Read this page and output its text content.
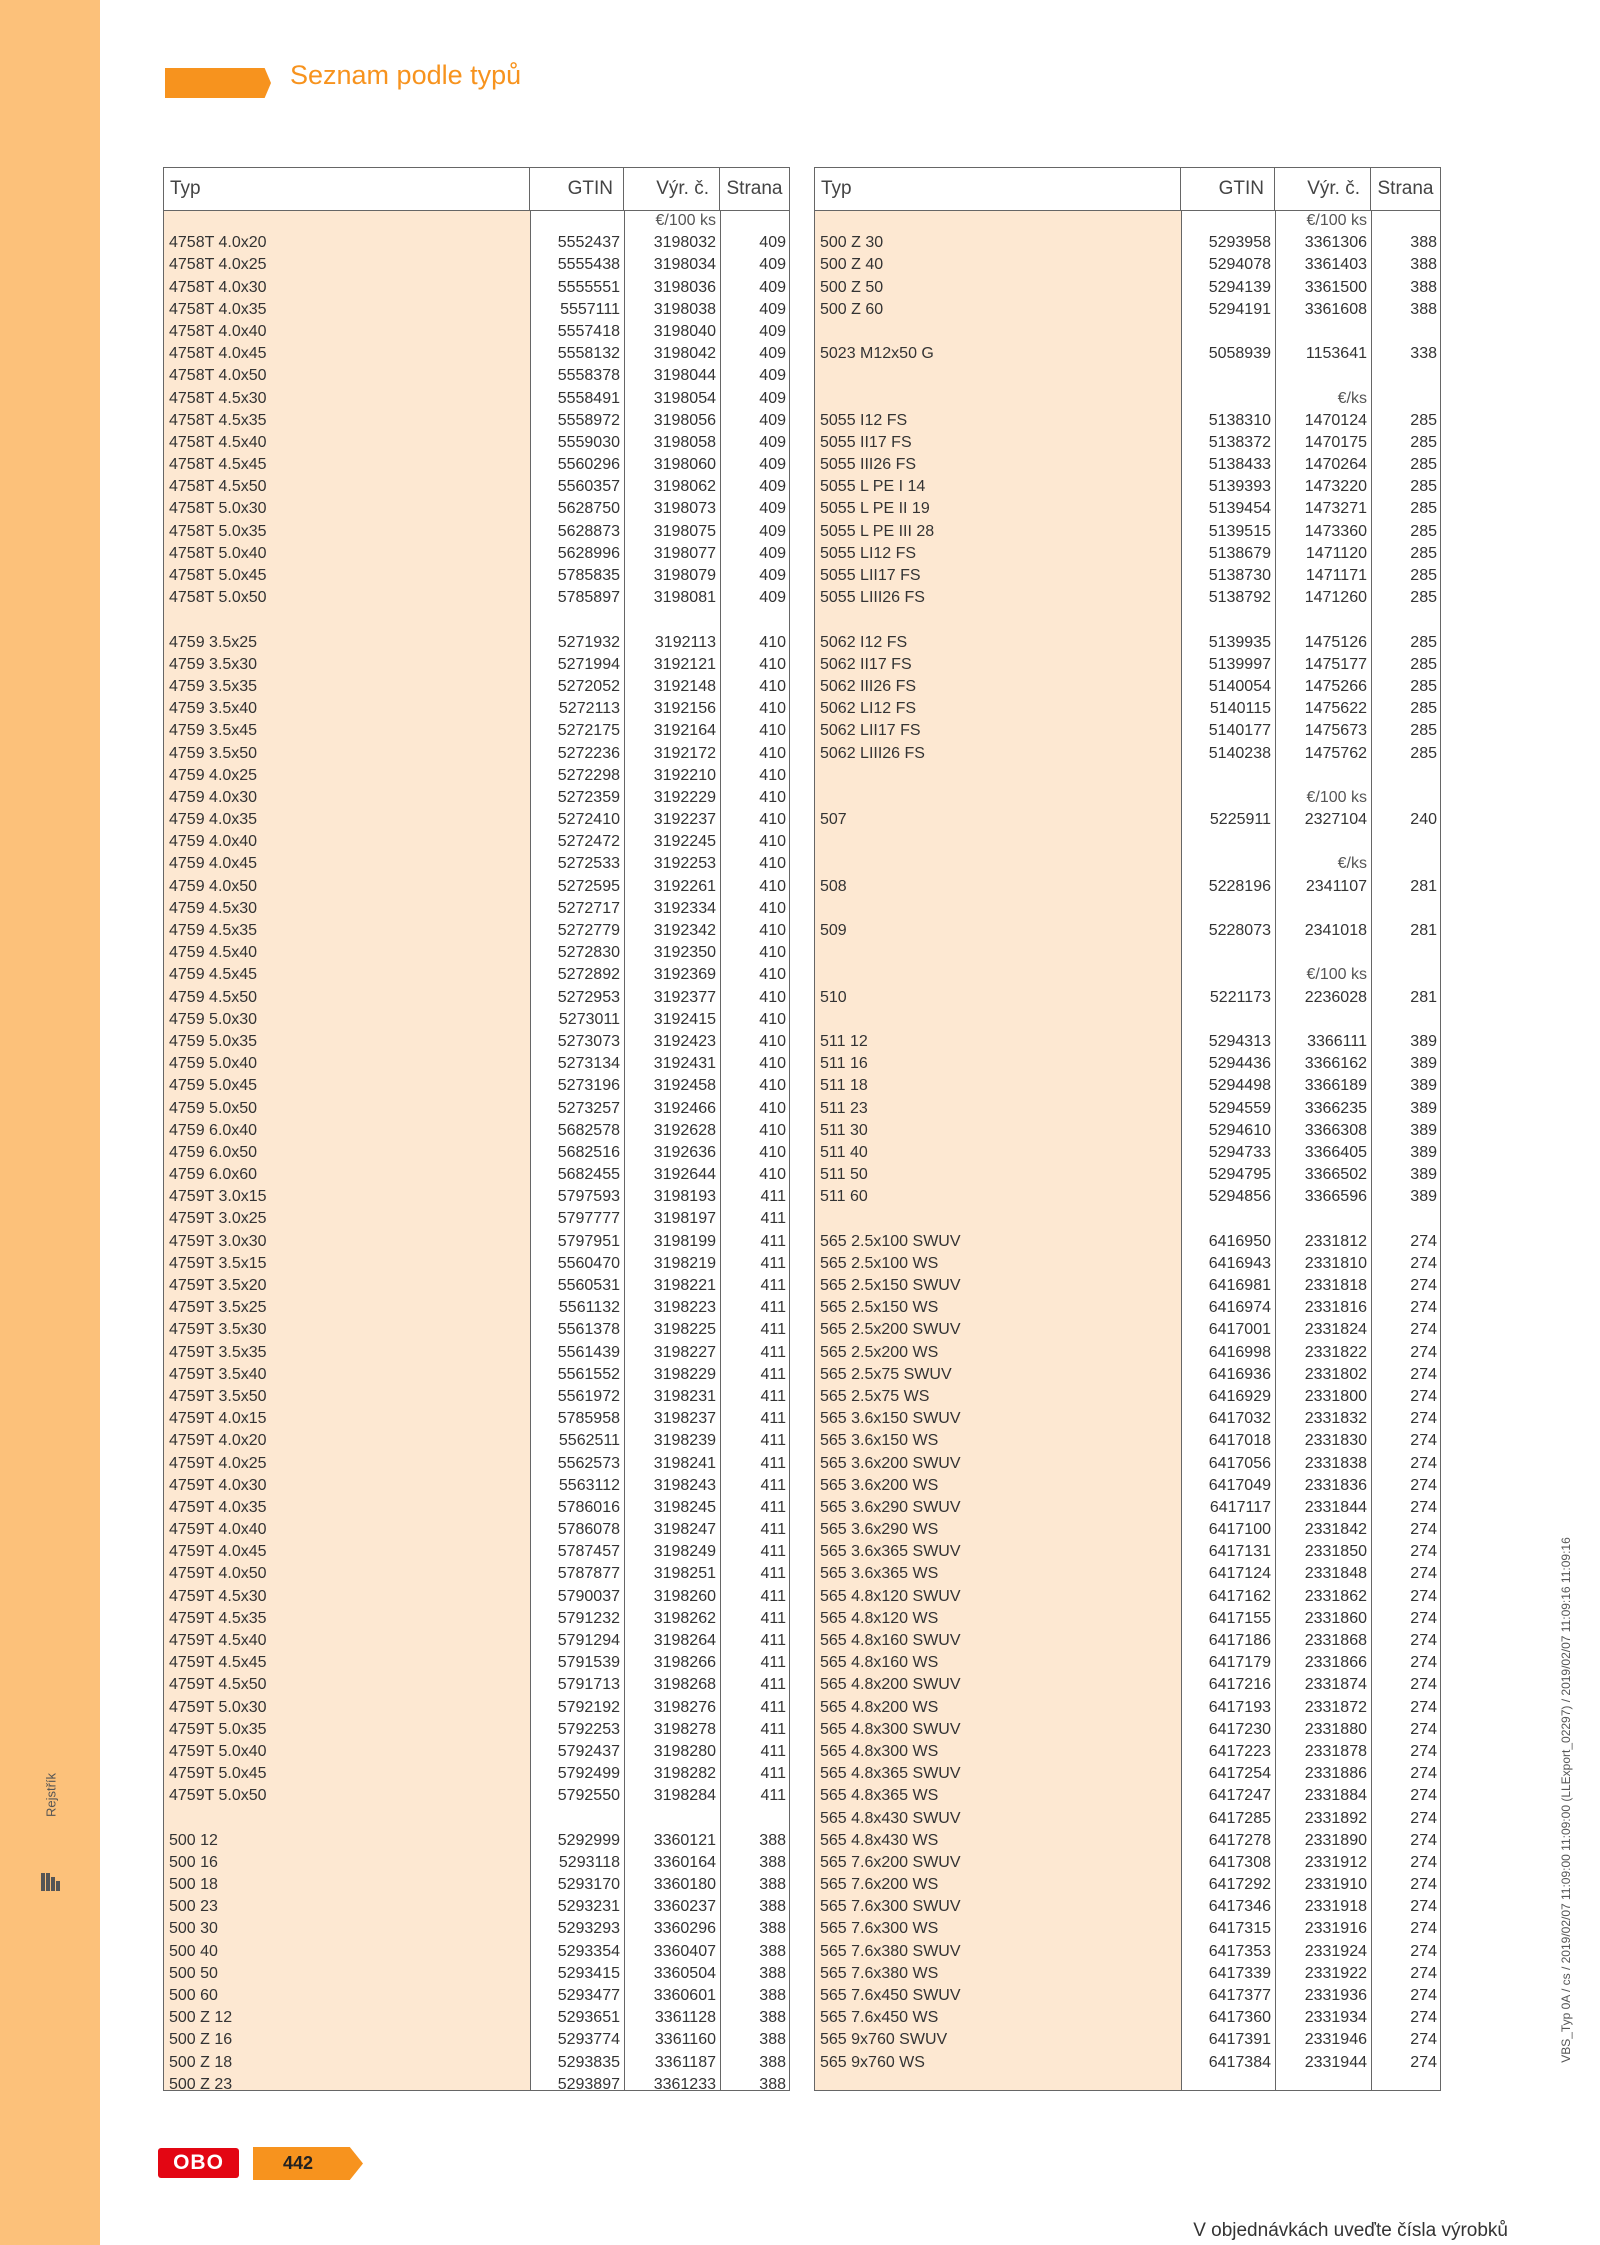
Rejstřík
Seznam podle typů
Typ	GTIN	Výr. č. Strana
€/100 ks
4758T 4.0x20	5552437	3198032	409
4758T 4.0x25	5555438	3198034	409
4758T 4.0x30	5555551	3198036	409
4758T 4.0x35	5557111	3198038	409
4758T 4.0x40	5557418	3198040	409
4758T 4.0x45	5558132	3198042	409
4758T 4.0x50	5558378	3198044	409
4758T 4.5x30	5558491	3198054	409
4758T 4.5x35	5558972	3198056	409
4758T 4.5x40	5559030	3198058	409
4758T 4.5x45	5560296	3198060	409
4758T 4.5x50	5560357	3198062	409
4758T 5.0x30	5628750	3198073	409
4758T 5.0x35	5628873	3198075	409
4758T 5.0x40	5628996	3198077	409
4758T 5.0x45	5785835	3198079	409
4758T 5.0x50	5785897	3198081	409
4759 3.5x25	5271932	3192113	410
4759 3.5x30	5271994	3192121	410
4759 3.5x35	5272052	3192148	410
4759 3.5x40	5272113	3192156	410
4759 3.5x45	5272175	3192164	410
4759 3.5x50	5272236	3192172	410
4759 4.0x25	5272298	3192210	410
4759 4.0x30	5272359	3192229	410
4759 4.0x35	5272410	3192237	410
4759 4.0x40	5272472	3192245	410
4759 4.0x45	5272533	3192253	410
4759 4.0x50	5272595	3192261	410
4759 4.5x30	5272717	3192334	410
4759 4.5x35	5272779	3192342	410
4759 4.5x40	5272830	3192350	410
4759 4.5x45	5272892	3192369	410
4759 4.5x50	5272953	3192377	410
4759 5.0x30	5273011	3192415	410
4759 5.0x35	5273073	3192423	410
4759 5.0x40	5273134	3192431	410
4759 5.0x45	5273196	3192458	410
4759 5.0x50	5273257	3192466	410
4759 6.0x40	5682578	3192628	410
4759 6.0x50	5682516	3192636	410
4759 6.0x60	5682455	3192644	410
4759T 3.0x15	5797593	3198193	411
4759T 3.0x25	5797777	3198197	411
4759T 3.0x30	5797951	3198199	411
4759T 3.5x15	5560470	3198219	411
4759T 3.5x20	5560531	3198221	411
4759T 3.5x25	5561132	3198223	411
4759T 3.5x30	5561378	3198225	411
4759T 3.5x35	5561439	3198227	411
4759T 3.5x40	5561552	3198229	411
4759T 3.5x50	5561972	3198231	411
4759T 4.0x15	5785958	3198237	411
4759T 4.0x20	5562511	3198239	411
4759T 4.0x25	5562573	3198241	411
4759T 4.0x30	5563112	3198243	411
4759T 4.0x35	5786016	3198245	411
4759T 4.0x40	5786078	3198247	411
4759T 4.0x45	5787457	3198249	411
4759T 4.0x50	5787877	3198251	411
4759T 4.5x30	5790037	3198260	411
4759T 4.5x35	5791232	3198262	411
4759T 4.5x40	5791294	3198264	411
4759T 4.5x45	5791539	3198266	411
4759T 4.5x50	5791713	3198268	411
4759T 5.0x30	5792192	3198276	411
4759T 5.0x35	5792253	3198278	411
4759T 5.0x40	5792437	3198280	411
4759T 5.0x45	5792499	3198282	411
4759T 5.0x50	5792550	3198284	411
500 12	5292999	3360121	388
500 16	5293118	3360164	388
500 18	5293170	3360180	388
500 23	5293231	3360237	388
500 30	5293293	3360296	388
500 40	5293354	3360407	388
500 50	5293415	3360504	388
500 60	5293477	3360601	388
500 Z 12	5293651	3361128	388
500 Z 16	5293774	3361160	388
500 Z 18	5293835	3361187	388
500 Z 23	5293897	3361233	388
Typ	GTIN	Výr. č. Strana
€/100 ks
500 Z 30	5293958	3361306	388
500 Z 40	5294078	3361403	388
500 Z 50	5294139	3361500	388
500 Z 60	5294191	3361608	388
5023 M12x50 G	5058939	1153641	338
€/ks
5055 I12 FS	5138310	1470124	285
5055 II17 FS	5138372	1470175	285
5055 III26 FS	5138433	1470264	285
5055 L PE I 14	5139393	1473220	285
5055 L PE II 19	5139454	1473271	285
5055 L PE III 28	5139515	1473360	285
5055 LI12 FS	5138679	1471120	285
5055 LII17 FS	5138730	1471171	285
5055 LIII26 FS	5138792	1471260	285
5062 I12 FS	5139935	1475126	285
5062 II17 FS	5139997	1475177	285
5062 III26 FS	5140054	1475266	285
5062 LI12 FS	5140115	1475622	285
5062 LII17 FS	5140177	1475673	285
5062 LIII26 FS	5140238	1475762	285
€/100 ks
507	5225911	2327104	240
€/ks
508	5228196	2341107	281
509	5228073	2341018	281
€/100 ks
510	5221173	2236028	281
511 12	5294313	3366111	389
511 16	5294436	3366162	389
511 18	5294498	3366189	389
511 23	5294559	3366235	389
511 30	5294610	3366308	389
511 40	5294733	3366405	389
511 50	5294795	3366502	389
511 60	5294856	3366596	389
565 2.5x100 SWUV	6416950	2331812	274
565 2.5x100 WS	6416943	2331810	274
565 2.5x150 SWUV	6416981	2331818	274
565 2.5x150 WS	6416974	2331816	274
565 2.5x200 SWUV	6417001	2331824	274
565 2.5x200 WS	6416998	2331822	274
565 2.5x75 SWUV	6416936	2331802	274
565 2.5x75 WS	6416929	2331800	274
565 3.6x150 SWUV	6417032	2331832	274
565 3.6x150 WS	6417018	2331830	274
565 3.6x200 SWUV	6417056	2331838	274
565 3.6x200 WS	6417049	2331836	274
565 3.6x290 SWUV	6417117	2331844	274
565 3.6x290 WS	6417100	2331842	274
565 3.6x365 SWUV	6417131	2331850	274
565 3.6x365 WS	6417124	2331848	274
565 4.8x120 SWUV	6417162	2331862	274
565 4.8x120 WS	6417155	2331860	274
565 4.8x160 SWUV	6417186	2331868	274
565 4.8x160 WS	6417179	2331866	274
565 4.8x200 SWUV	6417216	2331874	274
565 4.8x200 WS	6417193	2331872	274
565 4.8x300 SWUV	6417230	2331880	274
565 4.8x300 WS	6417223	2331878	274
565 4.8x365 SWUV	6417254	2331886	274
565 4.8x365 WS	6417247	2331884	274
565 4.8x430 SWUV	6417285	2331892	274
565 4.8x430 WS	6417278	2331890	274
565 7.6x200 SWUV	6417308	2331912	274
565 7.6x200 WS	6417292	2331910	274
565 7.6x300 SWUV	6417346	2331918	274
565 7.6x300 WS	6417315	2331916	274
565 7.6x380 SWUV	6417353	2331924	274
565 7.6x380 WS	6417339	2331922	274
565 7.6x450 SWUV	6417377	2331936	274
565 7.6x450 WS	6417360	2331934	274
565 9x760 SWUV	6417391	2331946	274
565 9x760 WS	6417384	2331944	274
OBO	442
V objednávkách uveďte čísla výrobků
VBS_Typ 0A / cs / 2019/02/07 11:09:00 11:09:00 (LLExport_02297) / 2019/02/07 11:09:16 11:09:16
